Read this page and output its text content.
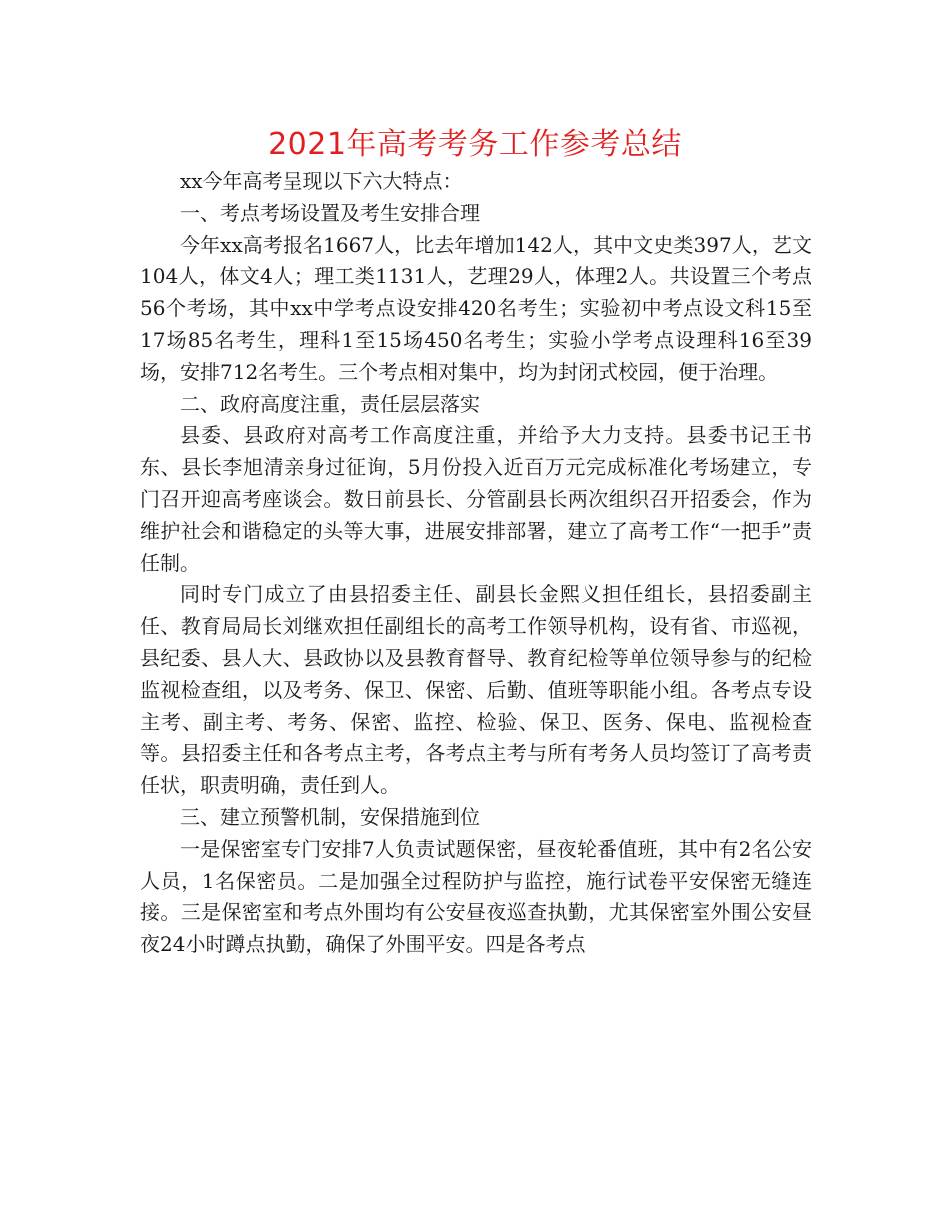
2021年高考考务工作参考总结

xx今年高考呈现以下六大特点：

一、考点考场设置及考生安排合理

今年xx高考报名1667人，比去年增加142人，其中文史类397人，艺文104人，体文4人；理工类1131人，艺理29人，体理2人。共设置三个考点56个考场，其中xx中学考点设安排420名考生；实验初中考点设文科15至17场85名考生，理科1至15场450名考生；实验小学考点设理科16至39场，安排712名考生。三个考点相对集中，均为封闭式校园，便于治理。

二、政府高度注重，责任层层落实

县委、县政府对高考工作高度注重，并给予大力支持。县委书记王书东、县长李旭清亲身过征询，5月份投入近百万元完成标准化考场建立，专门召开迎高考座谈会。数日前县长、分管副县长两次组织召开招委会，作为维护社会和谐稳定的头等大事，进展安排部署，建立了高考工作“一把手”责任制。

同时专门成立了由县招委主任、副县长金熙义担任组长，县招委副主任、教育局局长刘继欢担任副组长的高考工作领导机构，设有省、市巡视，县纪委、县人大、县政协以及县教育督导、教育纪检等单位领导参与的纪检监视检查组，以及考务、保卫、保密、后勤、值班等职能小组。各考点专设主考、副主考、考务、保密、监控、检验、保卫、医务、保电、监视检查等。县招委主任和各考点主考，各考点主考与所有考务人员均签订了高考责任状，职责明确，责任到人。

三、建立预警机制，安保措施到位

一是保密室专门安排7人负责试题保密，昼夜轮番值班，其中有2名公安人员，1名保密员。二是加强全过程防护与监控，施行试卷平安保密无缝连接。三是保密室和考点外围均有公安昼夜巡查执勤，尤其保密室外围公安昼夜24小时蹲点执勤，确保了外围平安。四是各考点
